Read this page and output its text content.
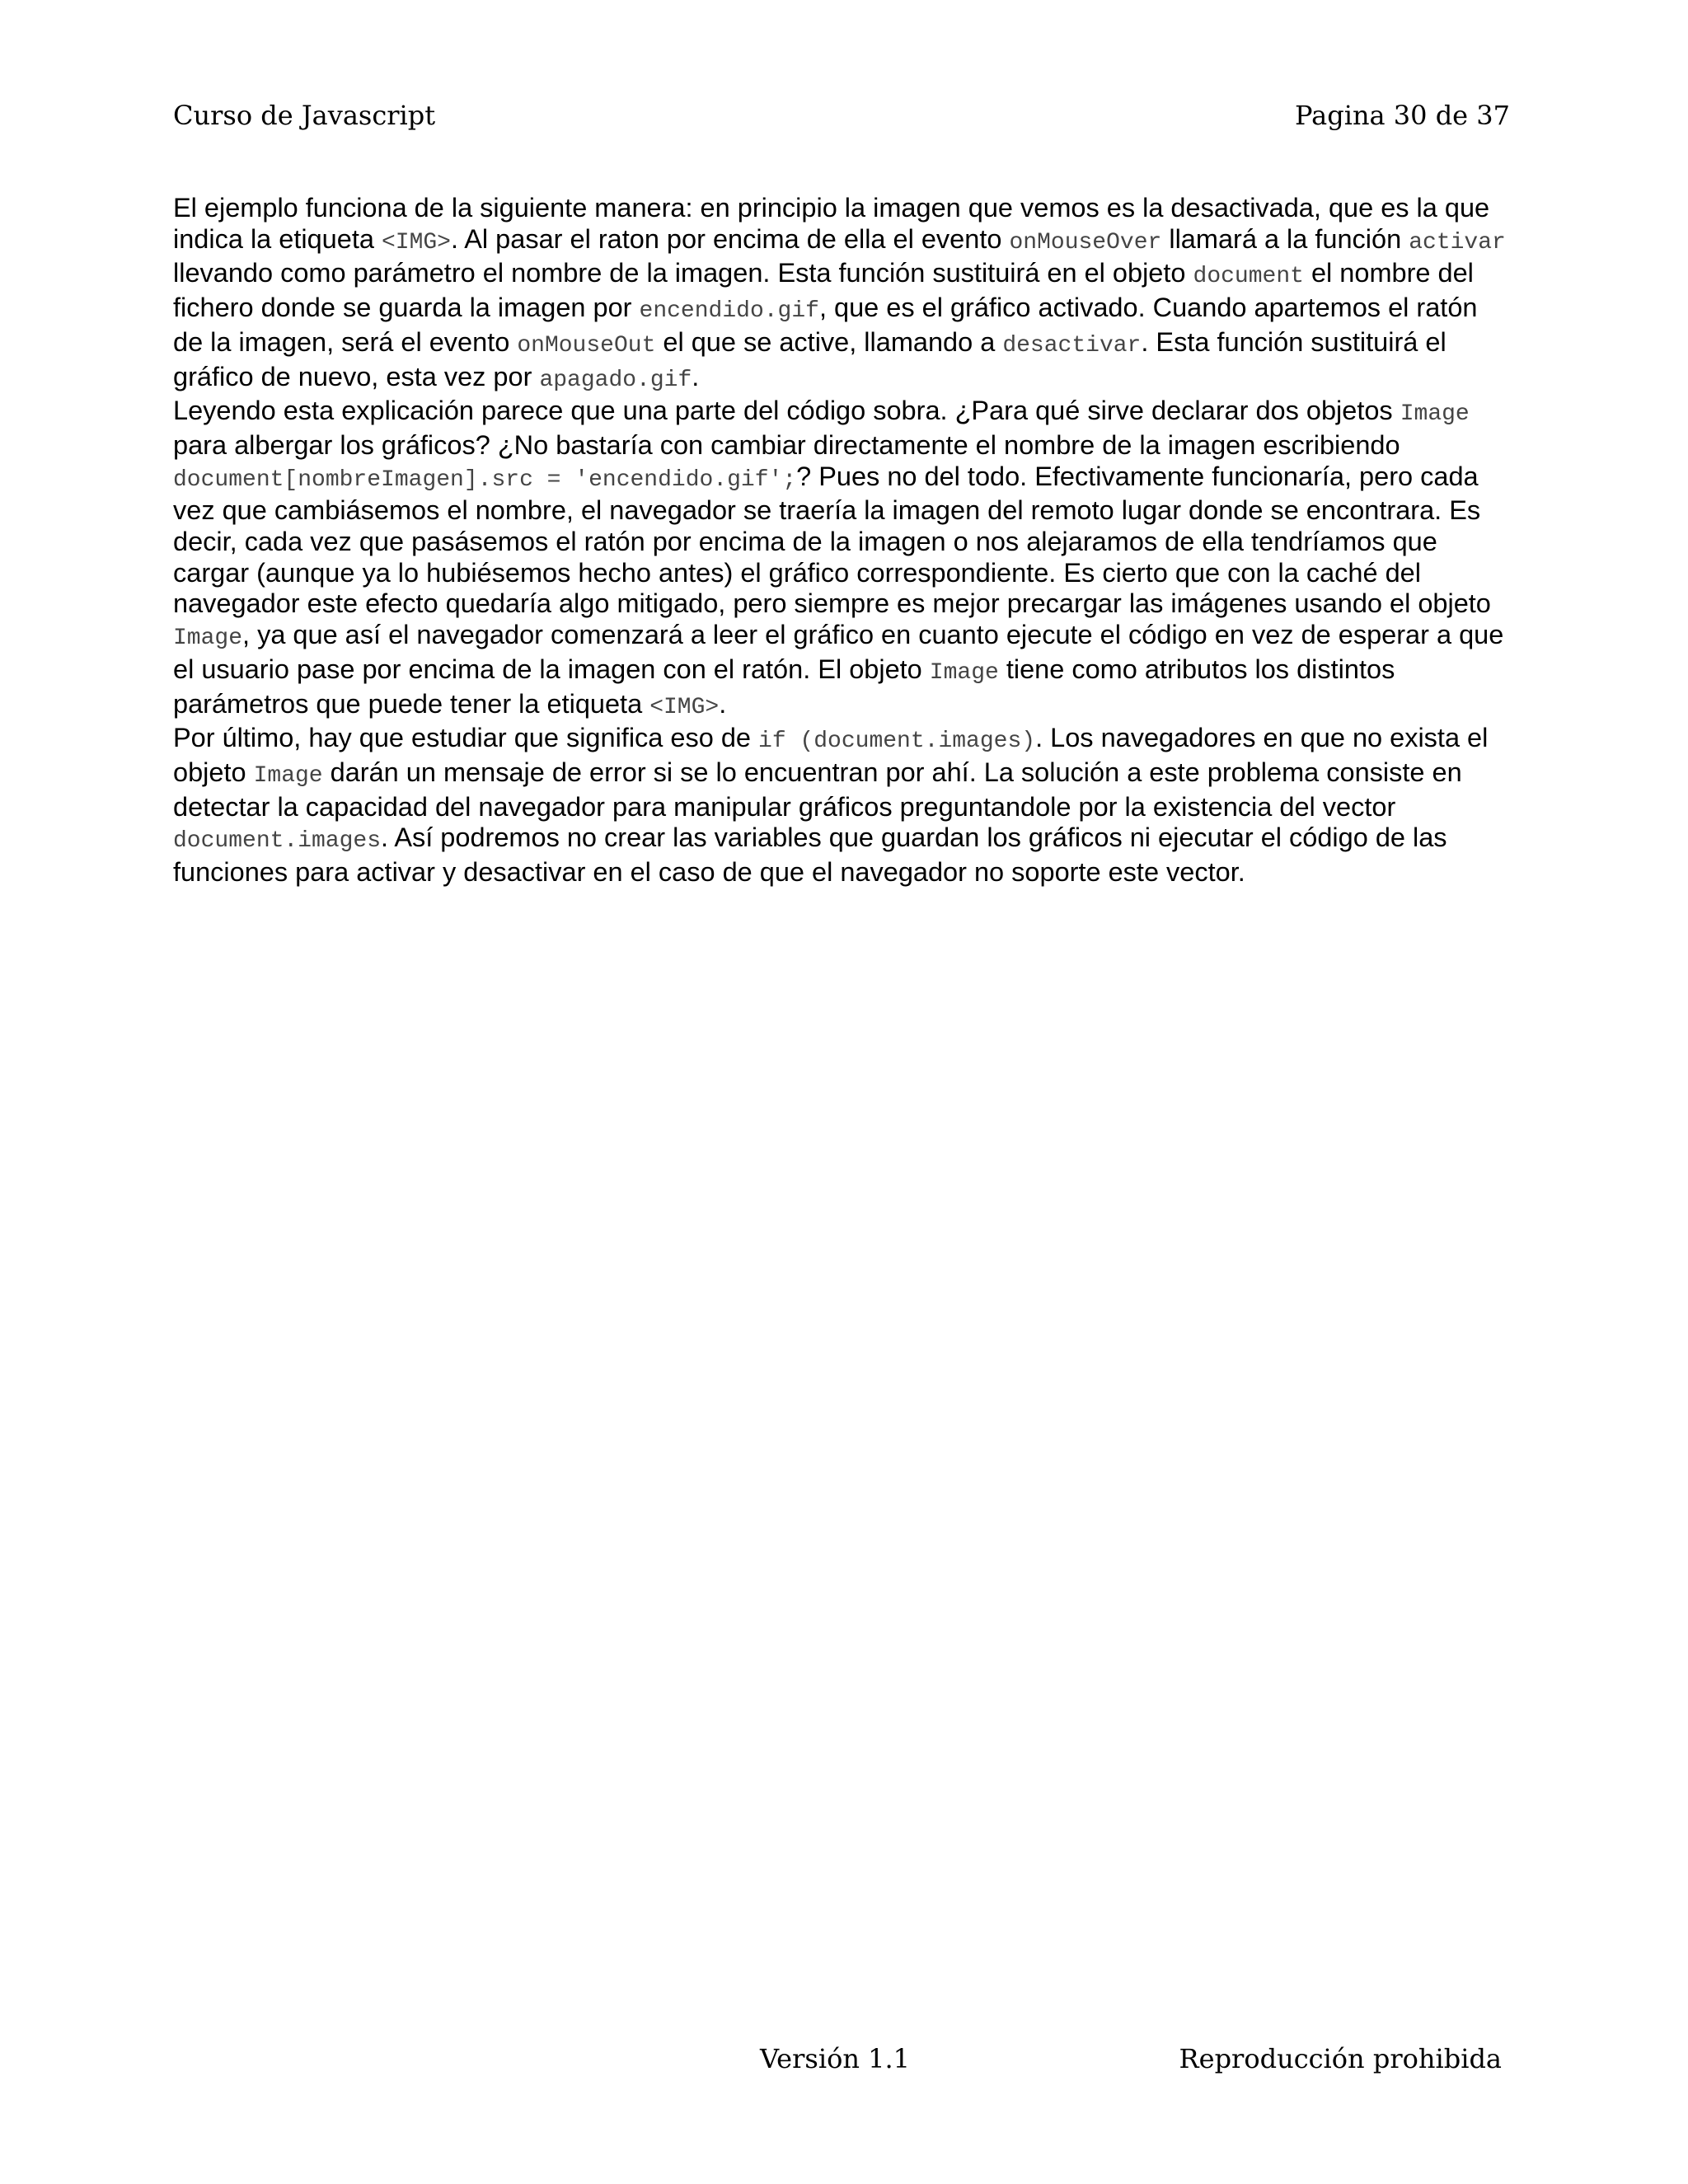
Curso de Javascript	Pagina 30 de 37

El ejemplo funciona de la siguiente manera: en principio la imagen que vemos es la desactivada, que es la que indica la etiqueta <IMG>. Al pasar el raton por encima de ella el evento onMouseOver llamará a la función activar llevando como parámetro el nombre de la imagen. Esta función sustituirá en el objeto document el nombre del fichero donde se guarda la imagen por encendido.gif, que es el gráfico activado. Cuando apartemos el ratón de la imagen, será el evento onMouseOut el que se active, llamando a desactivar. Esta función sustituirá el gráfico de nuevo, esta vez por apagado.gif.

Leyendo esta explicación parece que una parte del código sobra. ¿Para qué sirve declarar dos objetos Image para albergar los gráficos? ¿No bastaría con cambiar directamente el nombre de la imagen escribiendo document[nombreImagen].src = 'encendido.gif';? Pues no del todo. Efectivamente funcionaría, pero cada vez que cambiásemos el nombre, el navegador se traería la imagen del remoto lugar donde se encontrara. Es decir, cada vez que pasásemos el ratón por encima de la imagen o nos alejaramos de ella tendríamos que cargar (aunque ya lo hubiésemos hecho antes) el gráfico correspondiente. Es cierto que con la caché del navegador este efecto quedaría algo mitigado, pero siempre es mejor precargar las imágenes usando el objeto Image, ya que así el navegador comenzará a leer el gráfico en cuanto ejecute el código en vez de esperar a que el usuario pase por encima de la imagen con el ratón. El objeto Image tiene como atributos los distintos parámetros que puede tener la etiqueta <IMG>.

Por último, hay que estudiar que significa eso de if (document.images). Los navegadores en que no exista el objeto Image darán un mensaje de error si se lo encuentran por ahí. La solución a este problema consiste en detectar la capacidad del navegador para manipular gráficos preguntandole por la existencia del vector document.images. Así podremos no crear las variables que guardan los gráficos ni ejecutar el código de las funciones para activar y desactivar en el caso de que el navegador no soporte este vector.

Versión 1.1	Reproducción prohibida
